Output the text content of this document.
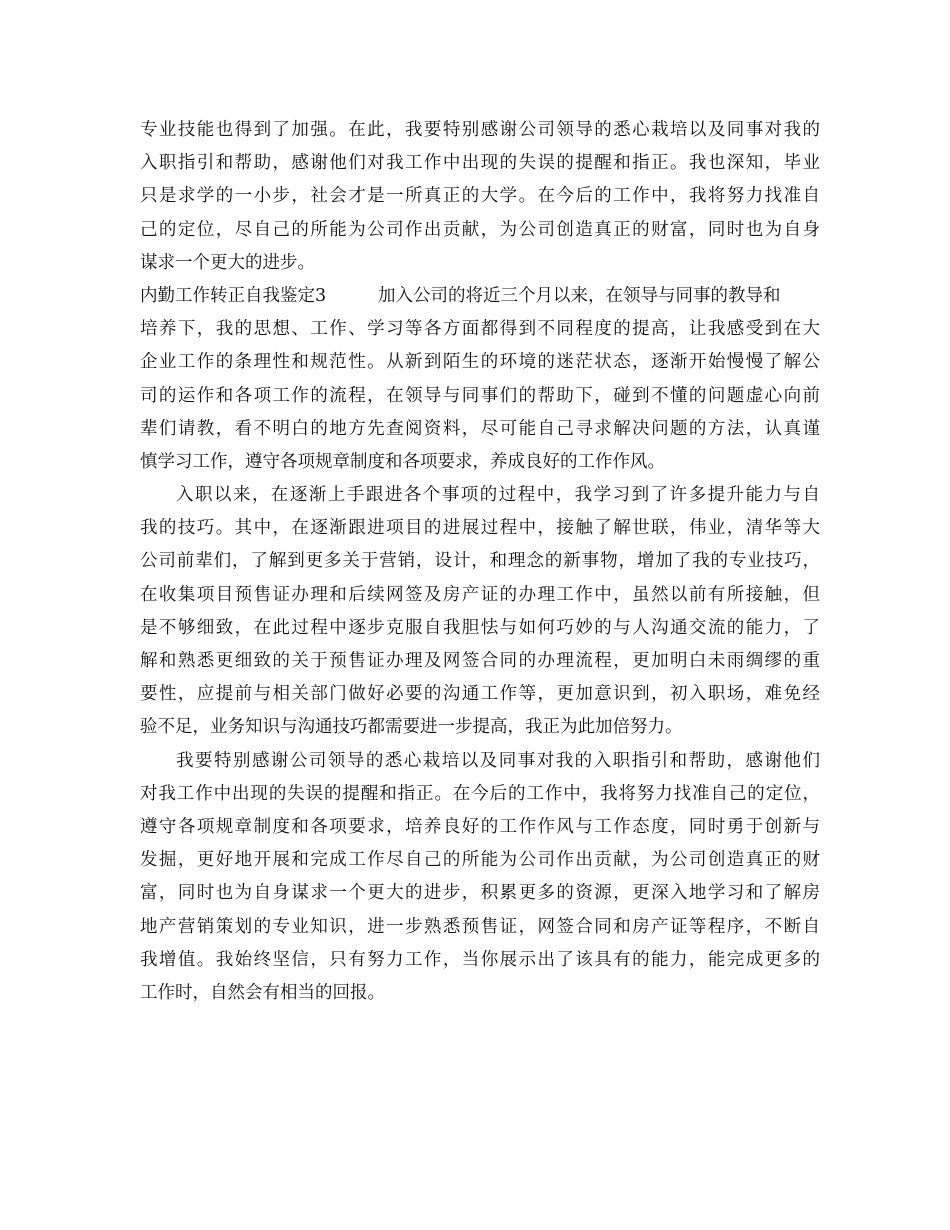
专业技能也得到了加强。在此，我要特别感谢公司领导的悉心栽培以及同事对我的
入职指引和帮助，感谢他们对我工作中出现的失误的提醒和指正。我也深知，毕业
只是求学的一小步，社会才是一所真正的大学。在今后的工作中，我将努力找准自
己的定位，尽自己的所能为公司作出贡献，为公司创造真正的财富，同时也为自身
谋求一个更大的进步。
内勤工作转正自我鉴定3	加入公司的将近三个月以来，在领导与同事的教导和
培养下，我的思想、工作、学习等各方面都得到不同程度的提高，让我感受到在大
企业工作的条理性和规范性。从新到陌生的环境的迷茫状态，逐渐开始慢慢了解公
司的运作和各项工作的流程，在领导与同事们的帮助下，碰到不懂的问题虚心向前
辈们请教，看不明白的地方先查阅资料，尽可能自己寻求解决问题的方法，认真谨
慎学习工作，遵守各项规章制度和各项要求，养成良好的工作作风。
入职以来，在逐渐上手跟进各个事项的过程中，我学习到了许多提升能力与自
我的技巧。其中，在逐渐跟进项目的进展过程中，接触了解世联，伟业，清华等大
公司前辈们，了解到更多关于营销，设计，和理念的新事物，增加了我的专业技巧，
在收集项目预售证办理和后续网签及房产证的办理工作中，虽然以前有所接触，但
是不够细致，在此过程中逐步克服自我胆怯与如何巧妙的与人沟通交流的能力，了
解和熟悉更细致的关于预售证办理及网签合同的办理流程，更加明白未雨绸缪的重
要性，应提前与相关部门做好必要的沟通工作等，更加意识到，初入职场，难免经
验不足，业务知识与沟通技巧都需要进一步提高，我正为此加倍努力。
我要特别感谢公司领导的悉心栽培以及同事对我的入职指引和帮助，感谢他们
对我工作中出现的失误的提醒和指正。在今后的工作中，我将努力找准自己的定位，
遵守各项规章制度和各项要求，培养良好的工作作风与工作态度，同时勇于创新与
发掘，更好地开展和完成工作尽自己的所能为公司作出贡献，为公司创造真正的财
富，同时也为自身谋求一个更大的进步，积累更多的资源，更深入地学习和了解房
地产营销策划的专业知识，进一步熟悉预售证，网签合同和房产证等程序，不断自
我增值。我始终坚信，只有努力工作，当你展示出了该具有的能力，能完成更多的
工作时，自然会有相当的回报。
